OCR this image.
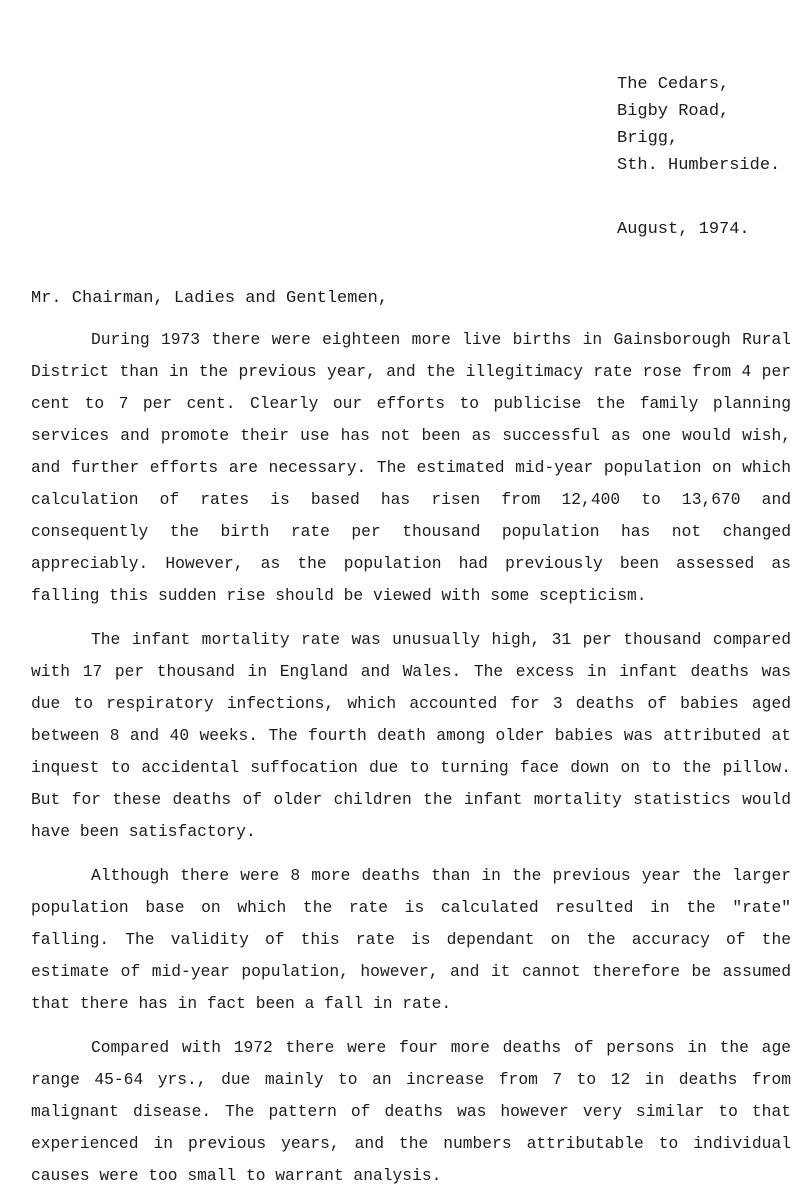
The Cedars,
Bigby Road,
Brigg,
Sth. Humberside.
August, 1974.
Mr. Chairman, Ladies and Gentlemen,

During 1973 there were eighteen more live births in Gainsborough Rural District than in the previous year, and the illegitimacy rate rose from 4 per cent to 7 per cent. Clearly our efforts to publicise the family planning services and promote their use has not been as successful as one would wish, and further efforts are necessary. The estimated mid-year population on which calculation of rates is based has risen from 12,400 to 13,670 and consequently the birth rate per thousand population has not changed appreciably. However, as the population had previously been assessed as falling this sudden rise should be viewed with some scepticism.

The infant mortality rate was unusually high, 31 per thousand compared with 17 per thousand in England and Wales. The excess in infant deaths was due to respiratory infections, which accounted for 3 deaths of babies aged between 8 and 40 weeks. The fourth death among older babies was attributed at inquest to accidental suffocation due to turning face down on to the pillow. But for these deaths of older children the infant mortality statistics would have been satisfactory.

Although there were 8 more deaths than in the previous year the larger population base on which the rate is calculated resulted in the "rate" falling. The validity of this rate is dependant on the accuracy of the estimate of mid-year population, however, and it cannot therefore be assumed that there has in fact been a fall in rate.

Compared with 1972 there were four more deaths of persons in the age range 45-64 yrs., due mainly to an increase from 7 to 12 in deaths from malignant disease. The pattern of deaths was however very similar to that experienced in previous years, and the numbers attributable to individual causes were too small to warrant analysis.
